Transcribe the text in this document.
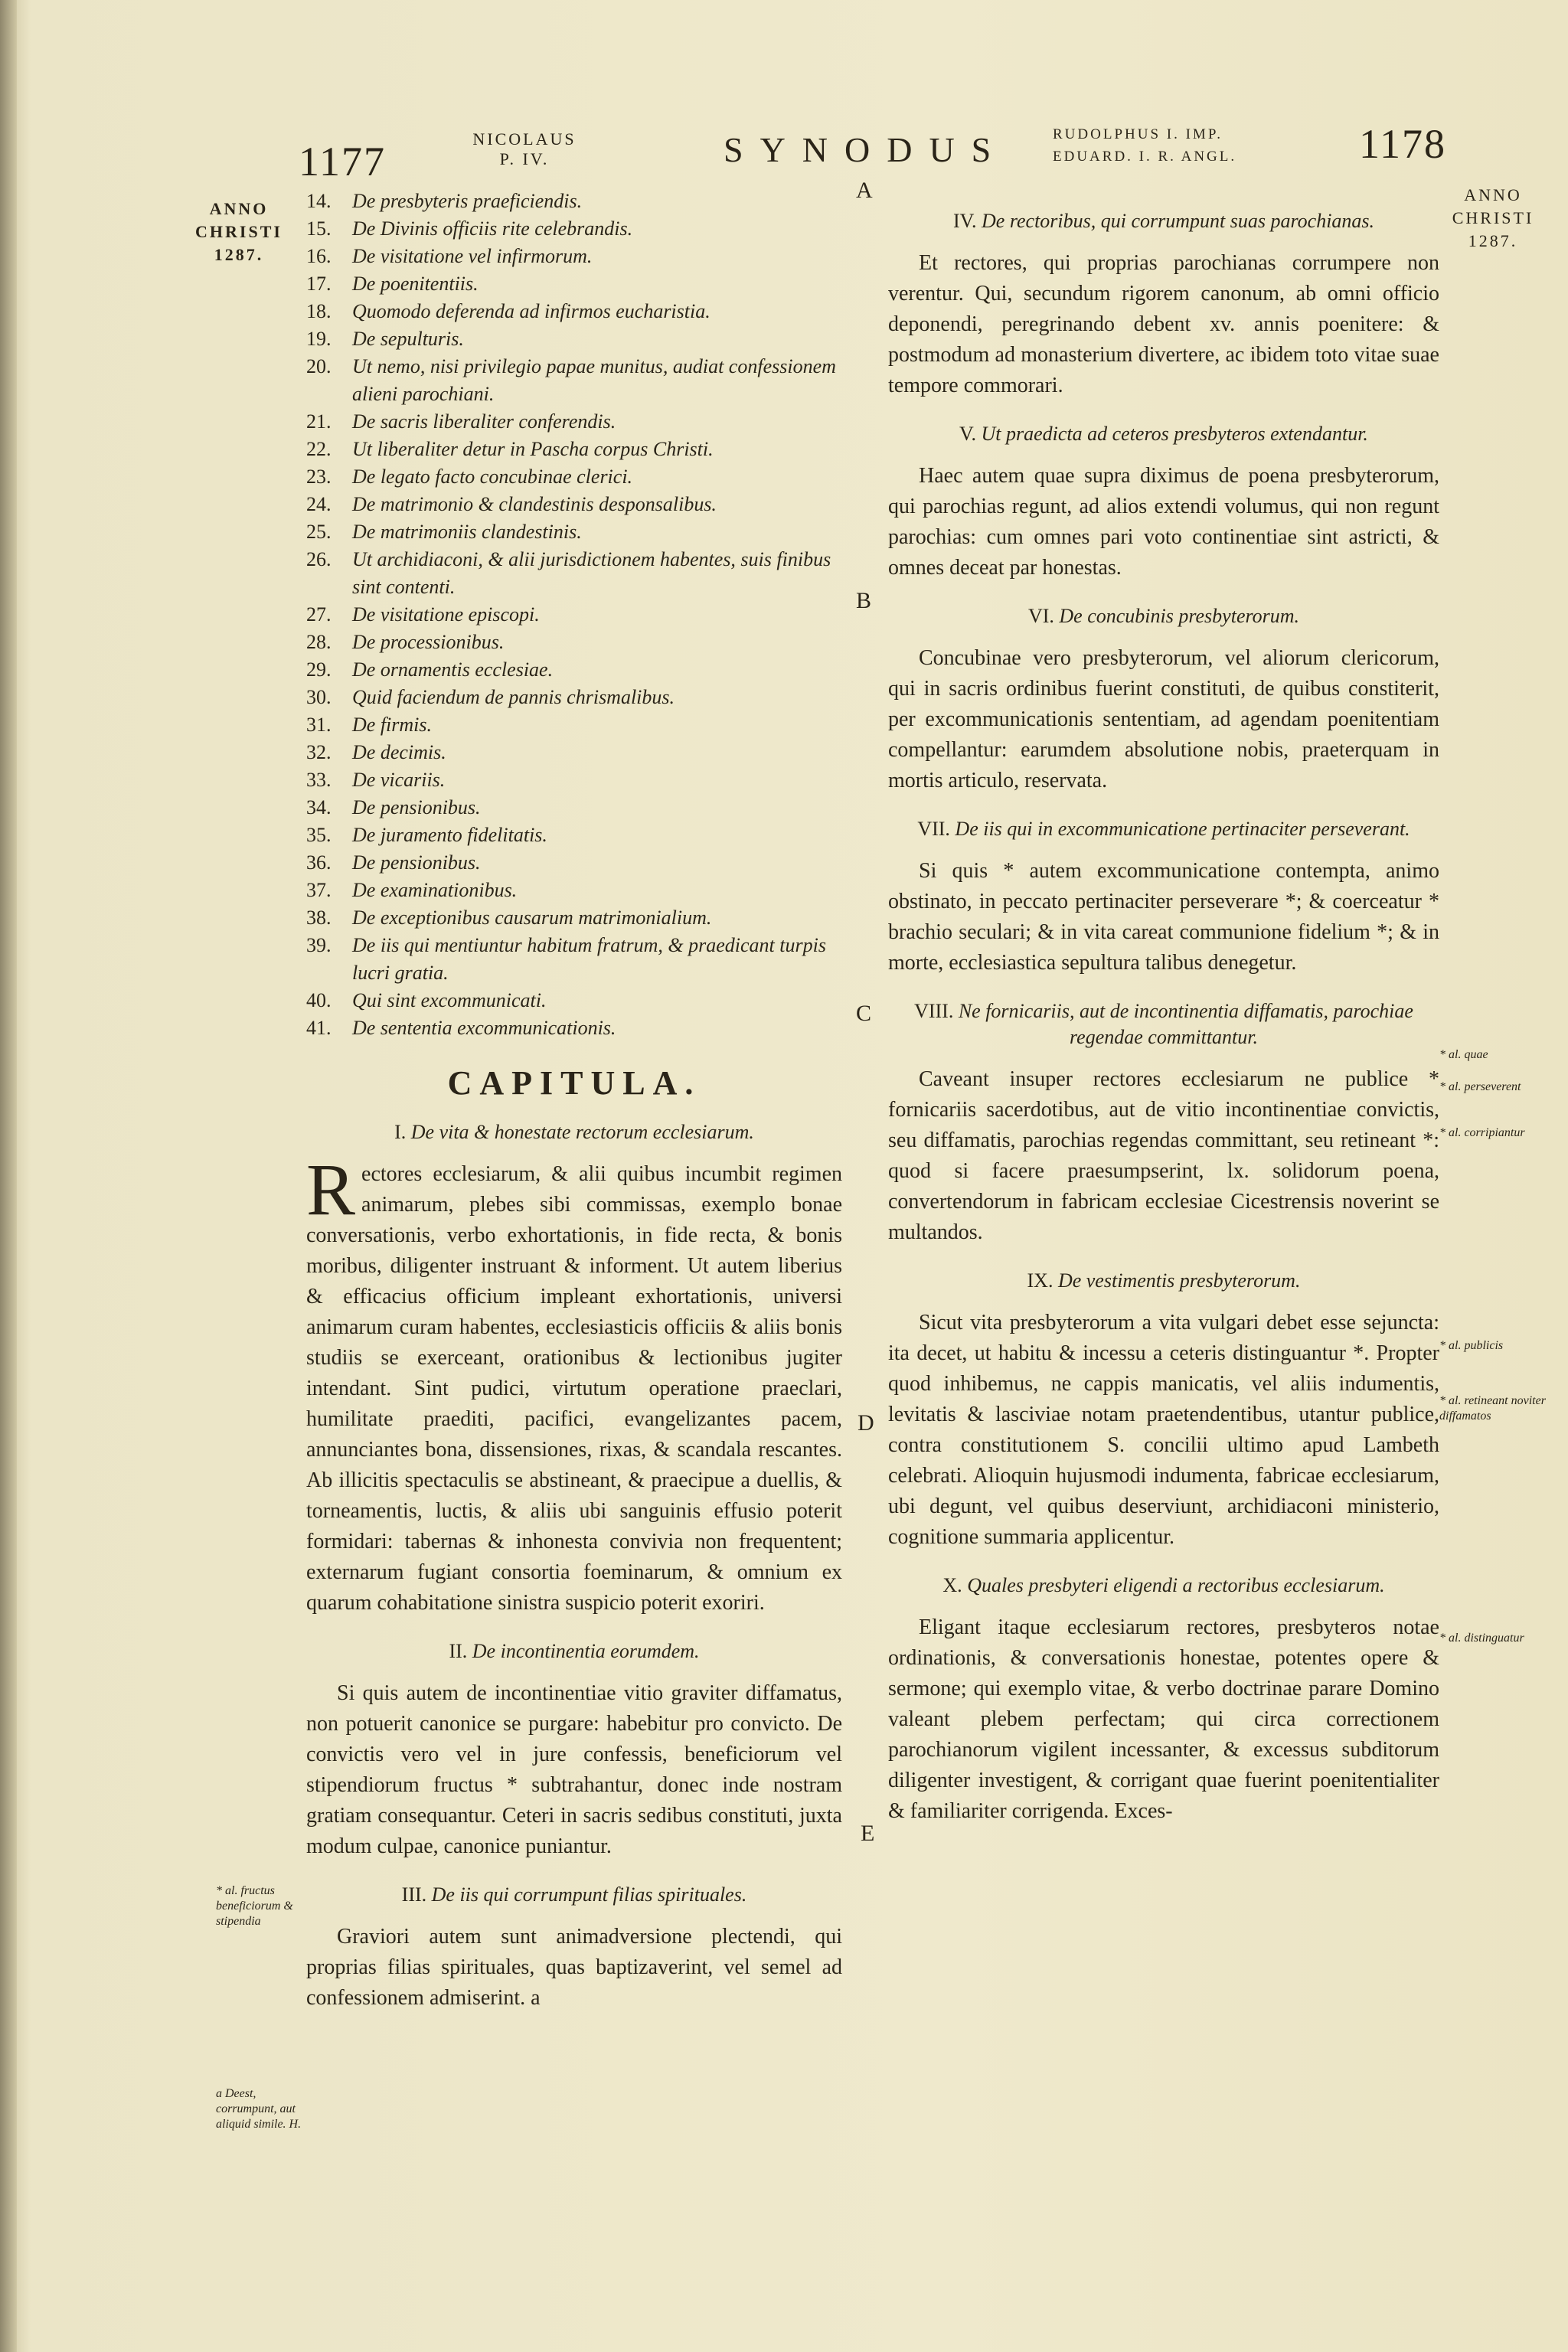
1177	NICOLAUS
P. IV.	SYNODUS	RUDOLPHUS I. IMP.
EDUARD. I. R. ANGL.	1178
ANNO
CHRISTI
1287.
ANNO
CHRISTI
1287.
A
B
C
D
E
14. De presbyteris praeficiendis.
15. De Divinis officiis rite celebrandis.
16. De visitatione vel infirmorum.
17. De poenitentiis.
18. Quomodo deferenda ad infirmos eucharistia.
19. De sepulturis.
20. Ut nemo, nisi privilegio papae munitus, audiat confessionem alieni parochiani.
21. De sacris liberaliter conferendis.
22. Ut liberaliter detur in Pascha corpus Christi.
23. De legato facto concubinae clerici.
24. De matrimonio & clandestinis desponsalibus.
25. De matrimoniis clandestinis.
26. Ut archidiaconi, & alii jurisdictionem habentes, suis finibus sint contenti.
27. De visitatione episcopi.
28. De processionibus.
29. De ornamentis ecclesiae.
30. Quid faciendum de pannis chrismalibus.
31. De firmis.
32. De decimis.
33. De vicariis.
34. De pensionibus.
35. De juramento fidelitatis.
36. De pensionibus.
37. De examinationibus.
38. De exceptionibus causarum matrimonialium.
39. De iis qui mentiuntur habitum fratrum, & praedicant turpis lucri gratia.
40. Qui sint excommunicati.
41. De sententia excommunicationis.
CAPITULA.
I. De vita & honestate rectorum ecclesiarum.

Rectores ecclesiarum, & alii quibus incumbit regimen animarum, plebes sibi commissas, exemplo bonae conversationis, verbo exhortationis, in fide recta, & bonis moribus, diligenter instruant & informent. Ut autem liberius & efficacius officium impleant exhortationis, universi animarum curam habentes, ecclesiasticis officiis & aliis bonis studiis se exerceant, orationibus & lectionibus jugiter intendant. Sint pudici, virtutum operatione praeclari, humilitate praediti, pacifici, evangelizantes pacem, annunciantes bona, dissensiones, rixas, & scandala rescantes. Ab illicitis spectaculis se abstineant, & praecipue a duellis, & torneamentis, luctis, & aliis ubi sanguinis effusio poterit formidari: tabernas & inhonesta convivia non frequentent; externarum fugiant consortia foeminarum, & omnium ex quarum cohabitatione sinistra suspicio poterit exoriri.

II. De incontinentia eorumdem.

Si quis autem de incontinentiae vitio graviter diffamatus, non potuerit canonice se purgare: habebitur pro convicto. De convictis vero vel in jure confessis, beneficiorum vel stipendiorum fructus * subtrahantur, donec inde nostram gratiam consequantur. Ceteri in sacris sedibus constituti, juxta modum culpae, canonice puniantur.

III. De iis qui corrumpunt filias spirituales.

Graviori autem sunt animadversione plectendi, qui proprias filias spirituales, quas baptizaverint, vel semel ad confessionem admiserint. a

IV. De rectoribus, qui corrumpunt suas parochianas.

Et rectores, qui proprias parochianas corrumpere non verentur. Qui, secundum rigorem canonum, ab omni officio deponendi, peregrinando debent xv. annis poenitere: & postmodum ad monasterium divertere, ac ibidem toto vitae suae tempore commorari.

V. Ut praedicta ad ceteros presbyteros extendantur.

Haec autem quae supra diximus de poena presbyterorum, qui parochias regunt, ad alios extendi volumus, qui non regunt parochias: cum omnes pari voto continentiae sint astricti, & omnes deceat par honestas.

VI. De concubinis presbyterorum.

Concubinae vero presbyterorum, vel aliorum clericorum, qui in sacris ordinibus fuerint constituti, de quibus constiterit, per excommunicationis sententiam, ad agendam poenitentiam compellantur: earumdem absolutione nobis, praeterquam in mortis articulo, reservata.

VII. De iis qui in excommunicatione pertinaciter perseverant.

Si quis * autem excommunicatione contempta, animo obstinato, in peccato pertinaciter perseverare *; & coerceatur * brachio seculari; & in vita careat communione fidelium *; & in morte, ecclesiastica sepultura talibus denegetur.

VIII. Ne fornicariis, aut de incontinentia diffamatis, parochiae regendae committantur.

Caveant insuper rectores ecclesiarum ne publice * fornicariis sacerdotibus, aut de vitio incontinentiae convictis, seu diffamatis, parochias regendas committant, seu retineant *: quod si facere praesumpserint, lx. solidorum poena, convertendorum in fabricam ecclesiae Cicestrensis noverint se multandos.

IX. De vestimentis presbyterorum.

Sicut vita presbyterorum a vita vulgari debet esse sejuncta: ita decet, ut habitu & incessu a ceteris distinguantur *. Propter quod inhibemus, ne cappis manicatis, vel aliis indumentis, levitatis & lasciviae notam praetendentibus, utantur publice, contra constitutionem S. concilii ultimo apud Lambeth celebrati. Alioquin hujusmodi indumenta, fabricae ecclesiarum, ubi degunt, vel quibus deserviunt, archidiaconi ministerio, cognitione summaria applicentur.

X. Quales presbyteri eligendi a rectoribus ecclesiarum.

Eligant itaque ecclesiarum rectores, presbyteros notae ordinationis, & conversationis honestae, potentes opere & sermone; qui exemplo vitae, & verbo doctrinae parare Domino valeant plebem perfectam; qui circa correctionem parochianorum vigilent incessanter, & excessus subditorum diligenter investigent, & corrigant quae fuerint poenitentialiter & familiariter corrigenda. Exces-

* al. fructus beneficiorum & stipendia
a Deest, corrumpunt, aut aliquid simile. H.
* al. quae
* al. perseverent
* al. corripiantur
* al. publicis
* al. retineant noviter diffamatos
* al. distinguatur
